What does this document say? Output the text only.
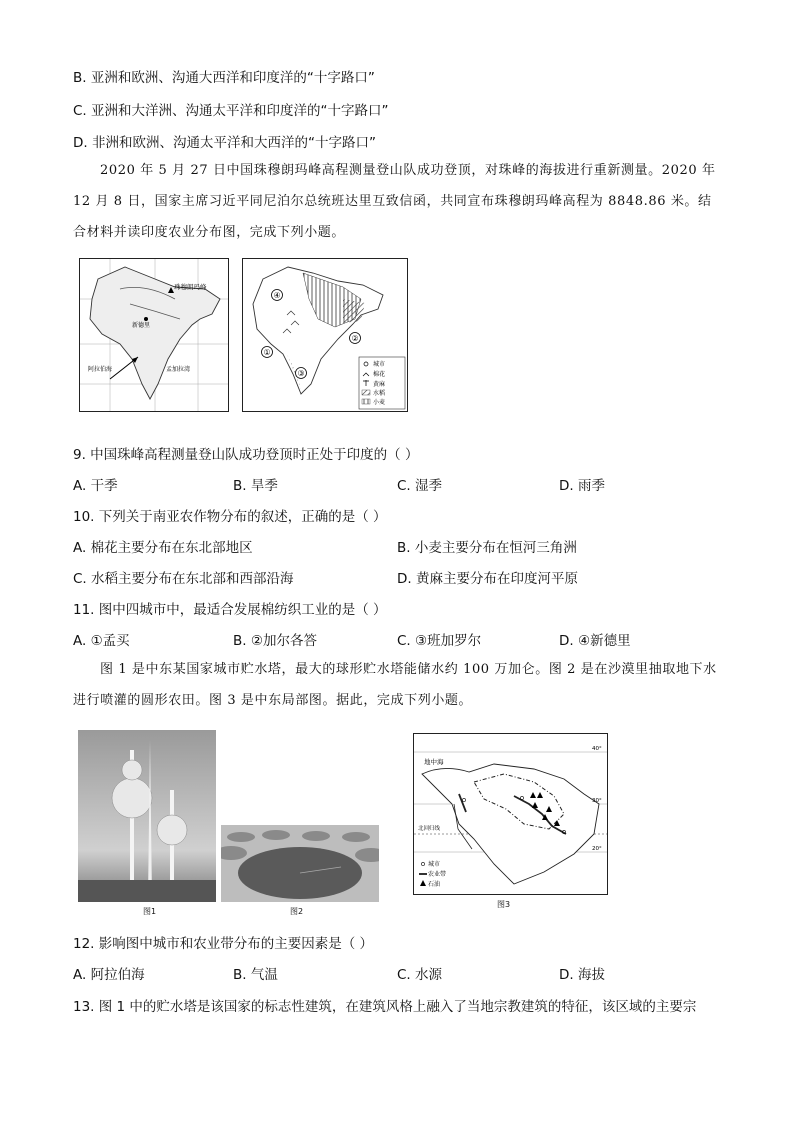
B. 亚洲和欧洲、沟通大西洋和印度洋的“十字路口”
C. 亚洲和大洋洲、沟通太平洋和印度洋的“十字路口”
D. 非洲和欧洲、沟通太平洋和大西洋的“十字路口”
2020 年 5 月 27 日中国珠穆朗玛峰高程测量登山队成功登顶，对珠峰的海拔进行重新测量。2020 年 12 月 8 日，国家主席习近平同尼泊尔总统班达里互致信函，共同宣布珠穆朗玛峰高程为 8848.86 米。结合材料并读印度农业分布图，完成下列小题。
珠穆朗玛峰
新德里
阿拉伯海	孟加拉湾
④
②
①
③
城市
棉花
黄麻
水稻
小麦
9. 中国珠峰高程测量登山队成功登顶时正处于印度的（ ）
A. 干季	B. 旱季	C. 湿季	D. 雨季
10. 下列关于南亚农作物分布的叙述，正确的是（ ）
A. 棉花主要分布在东北部地区	B. 小麦主要分布在恒河三角洲
C. 水稻主要分布在东北部和西部沿海	D. 黄麻主要分布在印度河平原
11. 图中四城市中，最适合发展棉纺织工业的是（ ）
A. ①孟买	B. ②加尔各答	C. ③班加罗尔	D. ④新德里
图 1 是中东某国家城市贮水塔，最大的球形贮水塔能储水约 100 万加仑。图 2 是在沙漠里抽取地下水进行喷灌的圆形农田。图 3 是中东局部图。据此，完成下列小题。
图1	图2
地中海
北回归线
40°
30°
20°
城市
农业带
石油
图3
12. 影响图中城市和农业带分布的主要因素是（ ）
A. 阿拉伯海	B. 气温	C. 水源	D. 海拔
13. 图 1 中的贮水塔是该国家的标志性建筑，在建筑风格上融入了当地宗教建筑的特征，该区域的主要宗
